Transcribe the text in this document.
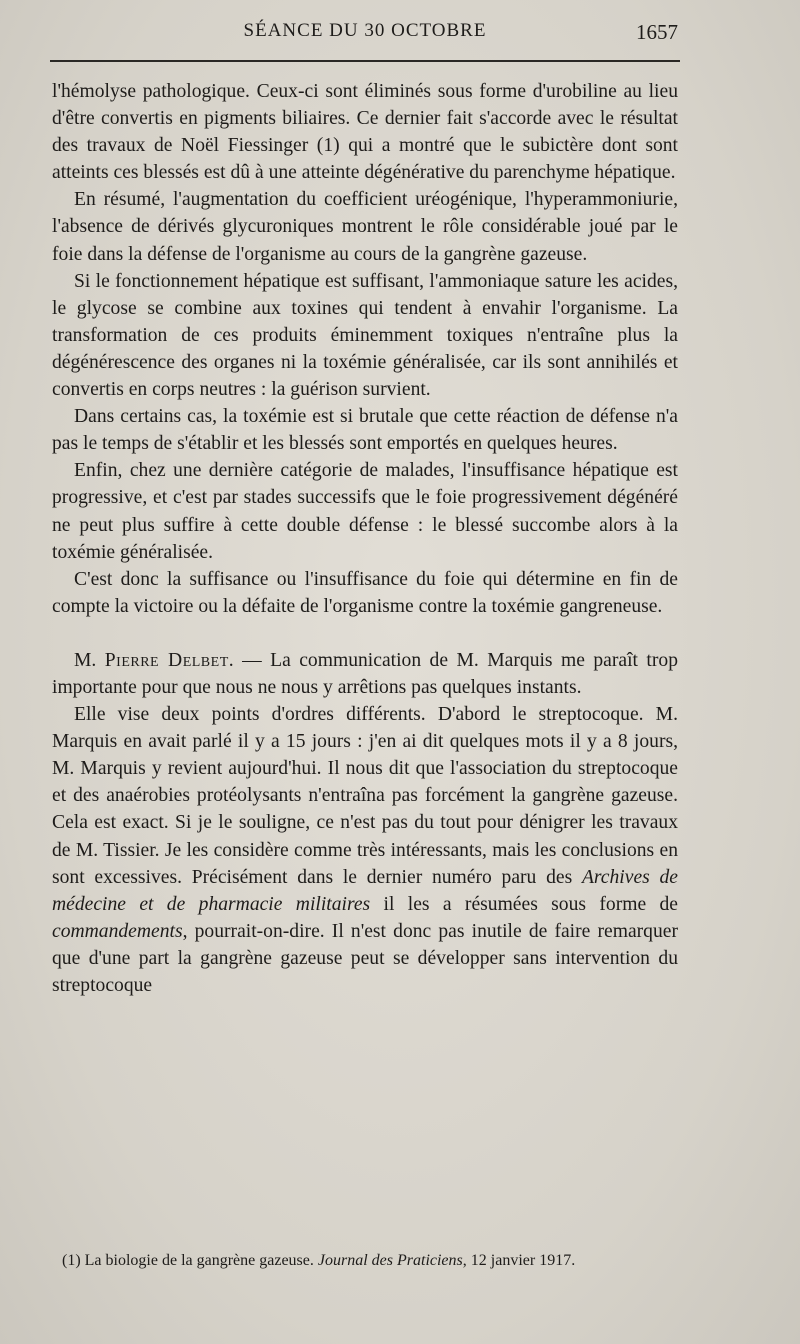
SÉANCE DU 30 OCTOBRE	1657

l'hémolyse pathologique. Ceux-ci sont éliminés sous forme d'urobiline au lieu d'être convertis en pigments biliaires. Ce dernier fait s'accorde avec le résultat des travaux de Noël Fiessinger (1) qui a montré que le subictère dont sont atteints ces blessés est dû à une atteinte dégénérative du parenchyme hépatique.

En résumé, l'augmentation du coefficient uréogénique, l'hyperammoniurie, l'absence de dérivés glycuroniques montrent le rôle considérable joué par le foie dans la défense de l'organisme au cours de la gangrène gazeuse.

Si le fonctionnement hépatique est suffisant, l'ammoniaque sature les acides, le glycose se combine aux toxines qui tendent à envahir l'organisme. La transformation de ces produits éminemment toxiques n'entraîne plus la dégénérescence des organes ni la toxémie généralisée, car ils sont annihilés et convertis en corps neutres : la guérison survient.

Dans certains cas, la toxémie est si brutale que cette réaction de défense n'a pas le temps de s'établir et les blessés sont emportés en quelques heures.

Enfin, chez une dernière catégorie de malades, l'insuffisance hépatique est progressive, et c'est par stades successifs que le foie progressivement dégénéré ne peut plus suffire à cette double défense : le blessé succombe alors à la toxémie généralisée.

C'est donc la suffisance ou l'insuffisance du foie qui détermine en fin de compte la victoire ou la défaite de l'organisme contre la toxémie gangreneuse.

M. Pierre Delbet. — La communication de M. Marquis me paraît trop importante pour que nous ne nous y arrêtions pas quelques instants.

Elle vise deux points d'ordres différents. D'abord le streptocoque. M. Marquis en avait parlé il y a 15 jours : j'en ai dit quelques mots il y a 8 jours, M. Marquis y revient aujourd'hui. Il nous dit que l'association du streptocoque et des anaérobies protéolysants n'entraîna pas forcément la gangrène gazeuse. Cela est exact. Si je le souligne, ce n'est pas du tout pour dénigrer les travaux de M. Tissier. Je les considère comme très intéressants, mais les conclusions en sont excessives. Précisément dans le dernier numéro paru des Archives de médecine et de pharmacie militaires il les a résumées sous forme de commandements, pourrait-on-dire. Il n'est donc pas inutile de faire remarquer que d'une part la gangrène gazeuse peut se développer sans intervention du streptocoque

(1) La biologie de la gangrène gazeuse. Journal des Praticiens, 12 janvier 1917.
